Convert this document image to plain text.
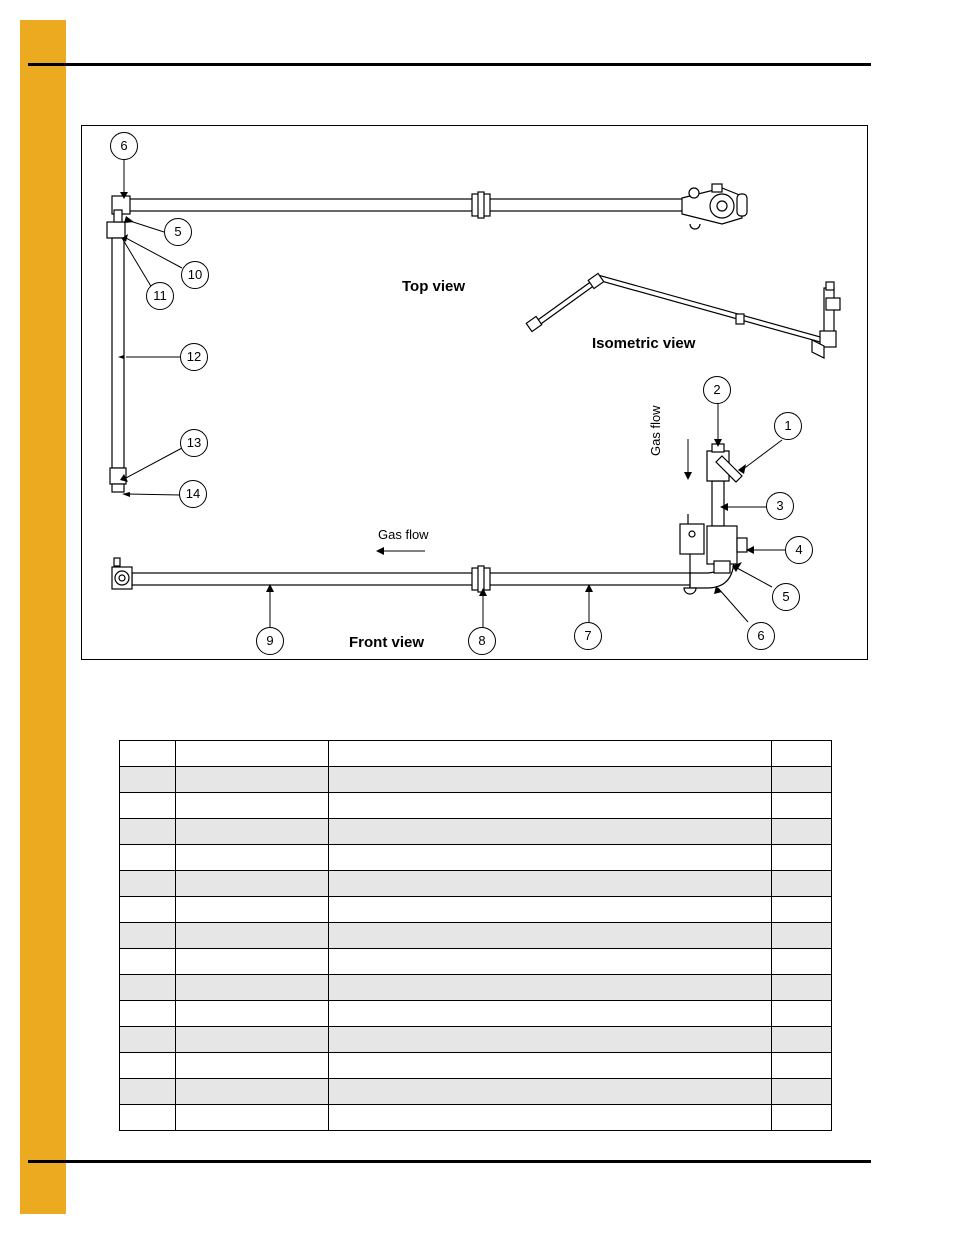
Top view
Isometric view
Front view
Gas flow
Gas flow
6
5
10
11
12
13
14
1
2
3
4
5
6
7
8
9
